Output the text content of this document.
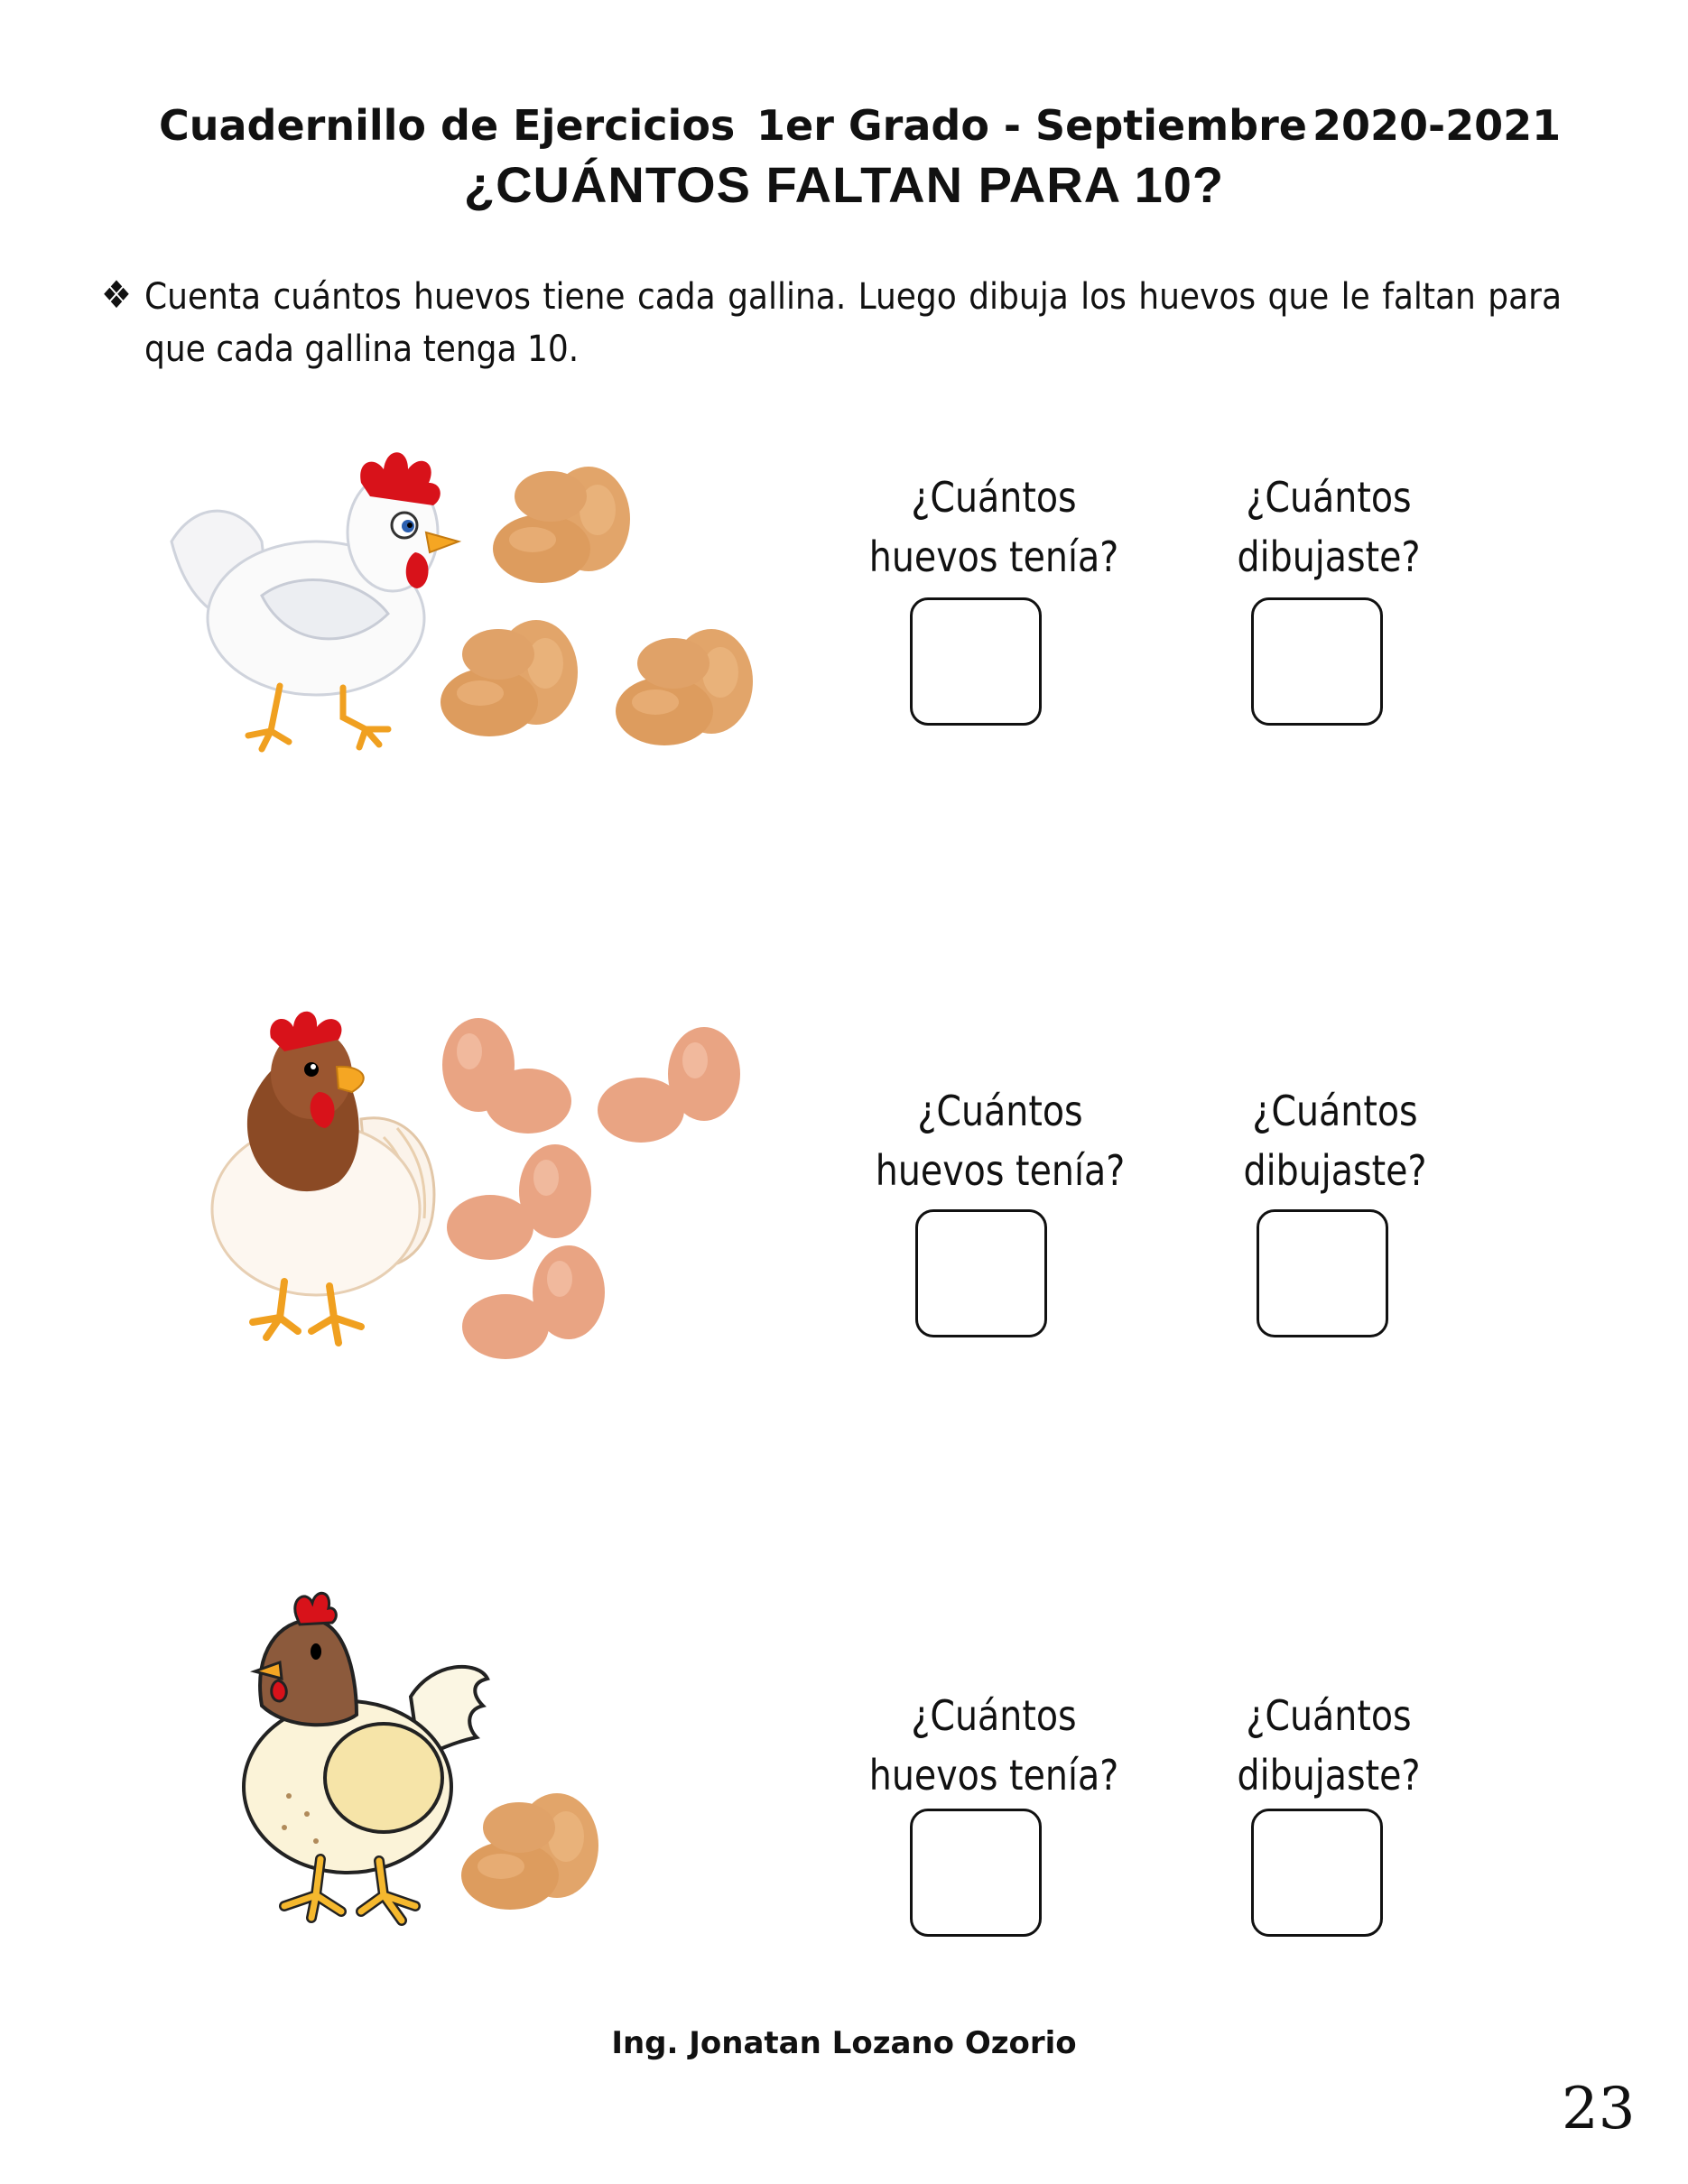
Cuadernillo de Ejercicios 1er Grado - Septiembre 2020-2021
¿CUÁNTOS FALTAN PARA 10?
❖ Cuenta cuántos huevos tiene cada gallina. Luego dibuja los huevos que le faltan para que cada gallina tenga 10.
¿Cuántos
huevos tenía?
¿Cuántos
dibujaste?
¿Cuántos
huevos tenía?
¿Cuántos
dibujaste?
¿Cuántos
huevos tenía?
¿Cuántos
dibujaste?
Ing. Jonatan Lozano Ozorio
23
